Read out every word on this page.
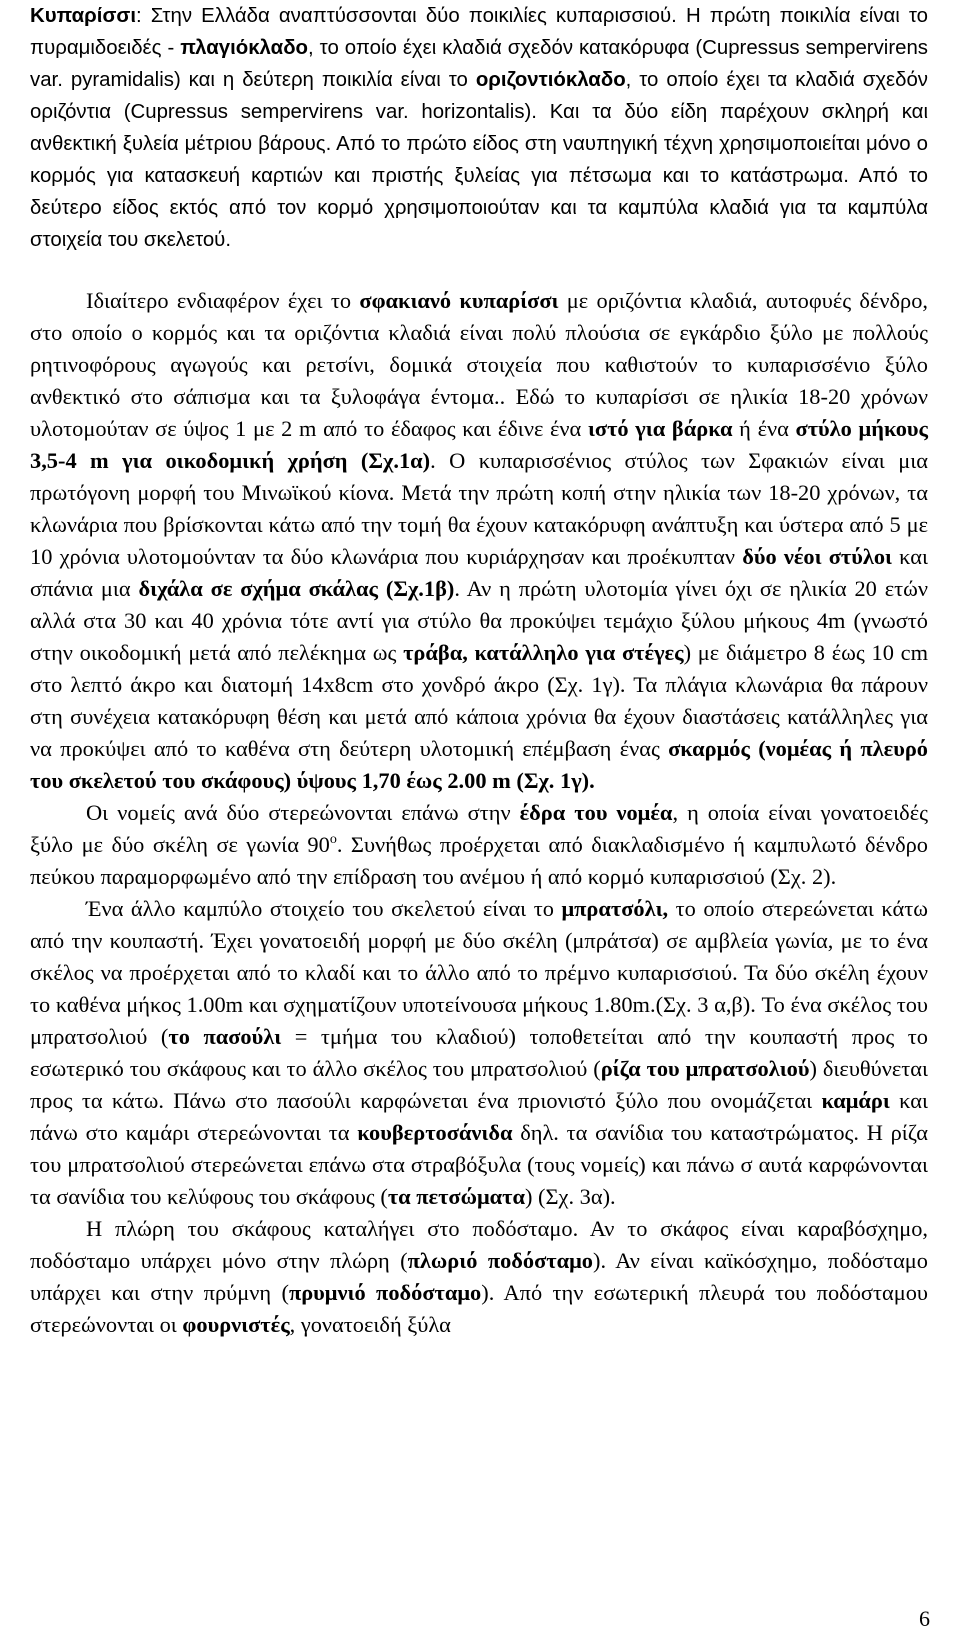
Κυπαρίσσι: Στην Ελλάδα αναπτύσσονται δύο ποικιλίες κυπαρισσιού. Η πρώτη ποικιλία είναι το πυραμιδοειδές - πλαγιόκλαδο, το οποίο έχει κλαδιά σχεδόν κατακόρυφα (Cupressus sempervirens var. pyramidalis) και η δεύτερη ποικιλία είναι το οριζοντιόκλαδο, το οποίο έχει τα κλαδιά σχεδόν οριζόντια (Cupressus sempervirens var. horizontalis). Και τα δύο είδη παρέχουν σκληρή και ανθεκτική ξυλεία μέτριου βάρους. Από το πρώτο είδος στη ναυπηγική τέχνη χρησιμοποιείται μόνο ο κορμός για κατασκευή καρτιών και πριστής ξυλείας για πέτσωμα και το κατάστρωμα. Από το δεύτερο είδος εκτός από τον κορμό χρησιμοποιούταν και τα καμπύλα κλαδιά για τα καμπύλα στοιχεία του σκελετού.

Ιδιαίτερο ενδιαφέρον έχει το σφακιανό κυπαρίσσι με οριζόντια κλαδιά, αυτοφυές δένδρο, στο οποίο ο κορμός και τα οριζόντια κλαδιά είναι πολύ πλούσια σε εγκάρδιο ξύλο με πολλούς ρητινοφόρους αγωγούς και ρετσίνι, δομικά στοιχεία που καθιστούν το κυπαρισσένιο ξύλο ανθεκτικό στο σάπισμα και τα ξυλοφάγα έντομα.. Εδώ το κυπαρίσσι σε ηλικία 18-20 χρόνων υλοτομούταν σε ύψος 1 με 2 m από το έδαφος και έδινε ένα ιστό για βάρκα ή ένα στύλο μήκους 3,5-4 m για οικοδομική χρήση (Σχ.1α). Ο κυπαρισσένιος στύλος των Σφακιών είναι μια πρωτόγονη μορφή του Μινωϊκού κίονα. Μετά την πρώτη κοπή στην ηλικία των 18-20 χρόνων, τα κλωνάρια που βρίσκονται κάτω από την τομή θα έχουν κατακόρυφη ανάπτυξη και ύστερα από 5 με 10 χρόνια υλοτομούνταν τα δύο κλωνάρια που κυριάρχησαν και προέκυπταν δύο νέοι στύλοι και σπάνια μια διχάλα σε σχήμα σκάλας (Σχ.1β). Αν η πρώτη υλοτομία γίνει όχι σε ηλικία 20 ετών αλλά στα 30 και 40 χρόνια τότε αντί για στύλο θα προκύψει τεμάχιο ξύλου μήκους 4m (γνωστό στην οικοδομική μετά από πελέκημα ως τράβα, κατάλληλο για στέγες) με διάμετρο 8 έως 10 cm στο λεπτό άκρο και διατομή 14x8cm στο χονδρό άκρο (Σχ. 1γ). Τα πλάγια κλωνάρια θα πάρουν στη συνέχεια κατακόρυφη θέση και μετά από κάποια χρόνια θα έχουν διαστάσεις κατάλληλες για να προκύψει από το καθένα στη δεύτερη υλοτομική επέμβαση ένας σκαρμός (νομέας ή πλευρό του σκελετού του σκάφους) ύψους 1,70 έως 2.00 m (Σχ. 1γ).

Οι νομείς ανά δύο στερεώνονται επάνω στην έδρα του νομέα, η οποία είναι γονατοειδές ξύλο με δύο σκέλη σε γωνία $90^o$. Συνήθως προέρχεται από διακλαδισμένο ή καμπυλωτό δένδρο πεύκου παραμορφωμένο από την επίδραση του ανέμου ή από κορμό κυπαρισσιού (Σχ. 2).

Ένα άλλο καμπύλο στοιχείο του σκελετού είναι το μπρατσόλι, το οποίο στερεώνεται κάτω από την κουπαστή. Έχει γονατοειδή μορφή με δύο σκέλη (μπράτσα) σε αμβλεία γωνία, με το ένα σκέλος να προέρχεται από το κλαδί και το άλλο από το πρέμνο κυπαρισσιού. Τα δύο σκέλη έχουν το καθένα μήκος 1.00m και σχηματίζουν υποτείνουσα μήκους 1.80m.(Σχ. 3 α,β). Το ένα σκέλος του μπρατσολιού (το πασούλι = τμήμα του κλαδιού) τοποθετείται από την κουπαστή προς το εσωτερικό του σκάφους και το άλλο σκέλος του μπρατσολιού (ρίζα του μπρατσολιού) διευθύνεται προς τα κάτω. Πάνω στο πασούλι καρφώνεται ένα πριονιστό ξύλο που ονομάζεται καμάρι και πάνω στο καμάρι στερεώνονται τα κουβερτοσάνιδα δηλ. τα σανίδια του καταστρώματος. Η ρίζα του μπρατσολιού στερεώνεται επάνω στα στραβόξυλα (τους νομείς) και πάνω σ αυτά καρφώνονται τα σανίδια του κελύφους του σκάφους (τα πετσώματα) (Σχ. 3α).

Η πλώρη του σκάφους καταλήγει στο ποδόσταμο. Αν το σκάφος είναι καραβόσχημο, ποδόσταμο υπάρχει μόνο στην πλώρη (πλωριό ποδόσταμο). Αν είναι καϊκόσχημο, ποδόσταμο υπάρχει και στην πρύμνη (πρυμνιό ποδόσταμο). Από την εσωτερική πλευρά του ποδόσταμου στερεώνονται οι φουρνιστές, γονατοειδή ξύλα

6
